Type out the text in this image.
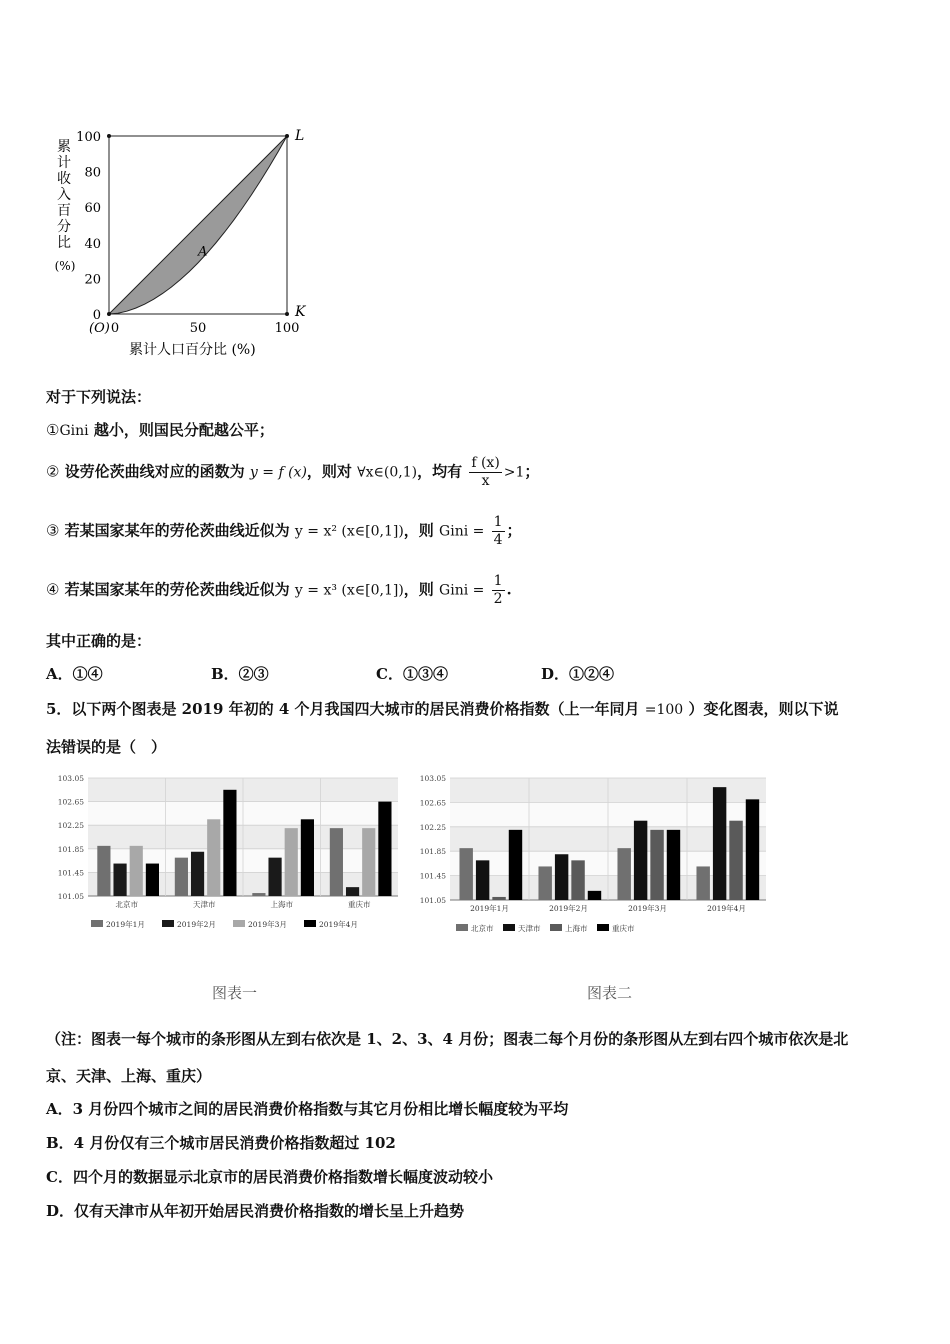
累
计
收
入
百
分
比
(%)
100
80
60
40
20
0
0	50	100
A
L
K
(O)
累计人口百分比 (%)
对于下列说法：
①Gini 越小，则国民分配越公平；
② 设劳伦茨曲线对应的函数为 y = f (x)，则对 ∀x∈(0,1)，均有 $\frac{f (x)}{x} >1$；
③ 若某国家某年的劳伦茨曲线近似为 y = x² (x∈[0,1])，则 Gini = $\frac{1}{4}$ ；
④ 若某国家某年的劳伦茨曲线近似为 y = x³ (x∈[0,1])，则 Gini = $\frac{1}{2}$ .
其中正确的是：
A．①④	B．②③	C．①③④	D．①②④
5．以下两个图表是 2019 年初的 4 个月我国四大城市的居民消费价格指数（上一年同月 =100 ）变化图表，则以下说
法错误的是（　）
103.05
102.65
102.25
101.85
101.45
101.05
北京市	天津市	上海市	重庆市
2019年1月	2019年2月	2019年3月	2019年4月
103.05
102.65
102.25
101.85
101.45
101.05
2019年1月	2019年2月	2019年3月	2019年4月
北京市	天津市	上海市	重庆市
图表一	图表二
（注：图表一每个城市的条形图从左到右依次是 1、2、3、4 月份；图表二每个月份的条形图从左到右四个城市依次是北
京、天津、上海、重庆）
A．3 月份四个城市之间的居民消费价格指数与其它月份相比增长幅度较为平均
B．4 月份仅有三个城市居民消费价格指数超过 102
C．四个月的数据显示北京市的居民消费价格指数增长幅度波动较小
D．仅有天津市从年初开始居民消费价格指数的增长呈上升趋势
